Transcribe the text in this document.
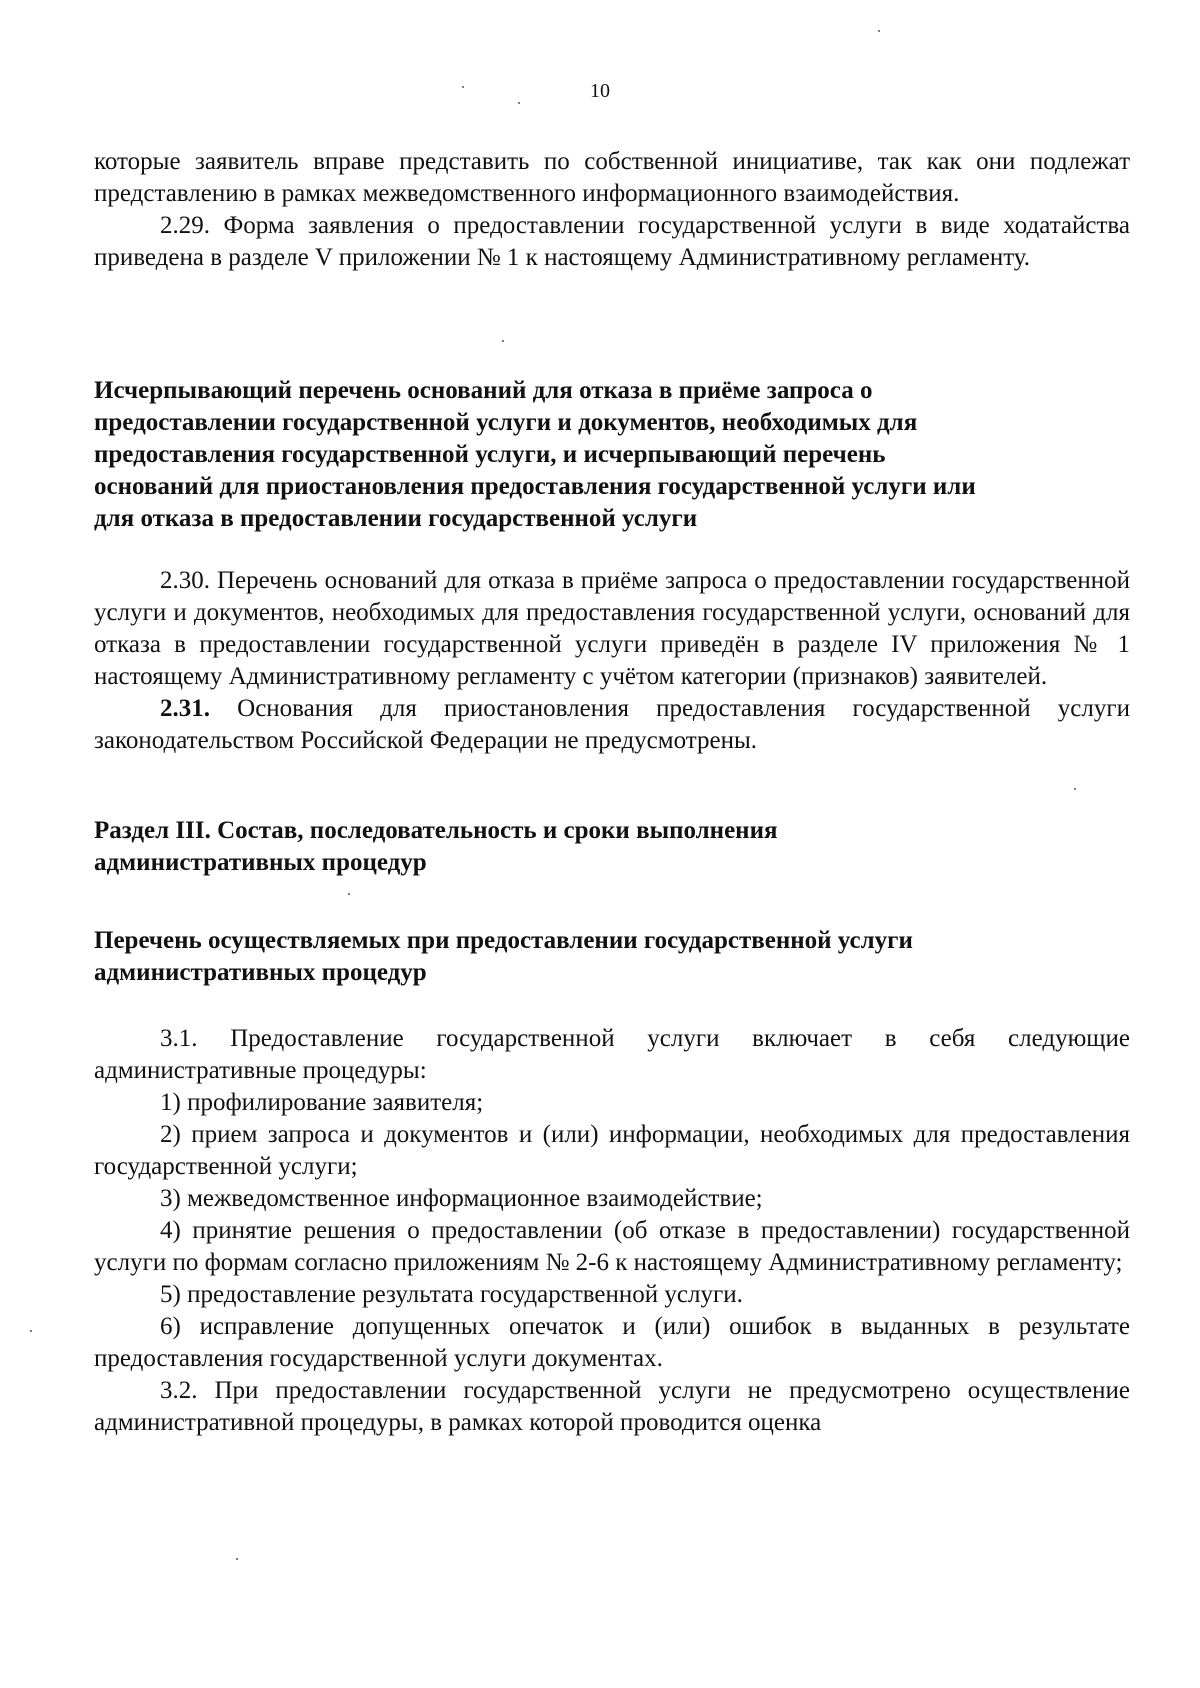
10

которые заявитель вправе представить по собственной инициативе, так как они подлежат представлению в рамках межведомственного информационного взаимодействия.

2.29. Форма заявления о предоставлении государственной услуги в виде ходатайства приведена в разделе V приложении № 1 к настоящему Административному регламенту.

Исчерпывающий перечень оснований для отказа в приёме запроса о
предоставлении государственной услуги и документов, необходимых для
предоставления государственной услуги, и исчерпывающий перечень
оснований для приостановления предоставления государственной услуги или
для отказа в предоставлении государственной услуги

2.30. Перечень оснований для отказа в приёме запроса о предоставлении государственной услуги и документов, необходимых для предоставления государственной услуги, оснований для отказа в предоставлении государственной услуги приведён в разделе IV приложения № 1 настоящему Административному регламенту с учётом категории (признаков) заявителей.

2.31. Основания для приостановления предоставления государственной услуги законодательством Российской Федерации не предусмотрены.

Раздел III. Состав, последовательность и сроки выполнения
административных процедур

Перечень осуществляемых при предоставлении государственной услуги
административных процедур

3.1. Предоставление государственной услуги включает в себя следующие административные процедуры:

1) профилирование заявителя;

2) прием запроса и документов и (или) информации, необходимых для предоставления государственной услуги;

3) межведомственное информационное взаимодействие;

4) принятие решения о предоставлении (об отказе в предоставлении) государственной услуги по формам согласно приложениям № 2-6 к настоящему Административному регламенту;

5) предоставление результата государственной услуги.

6) исправление допущенных опечаток и (или) ошибок в выданных в результате предоставления государственной услуги документах.

3.2. При предоставлении государственной услуги не предусмотрено осуществление административной процедуры, в рамках которой проводится оценка
